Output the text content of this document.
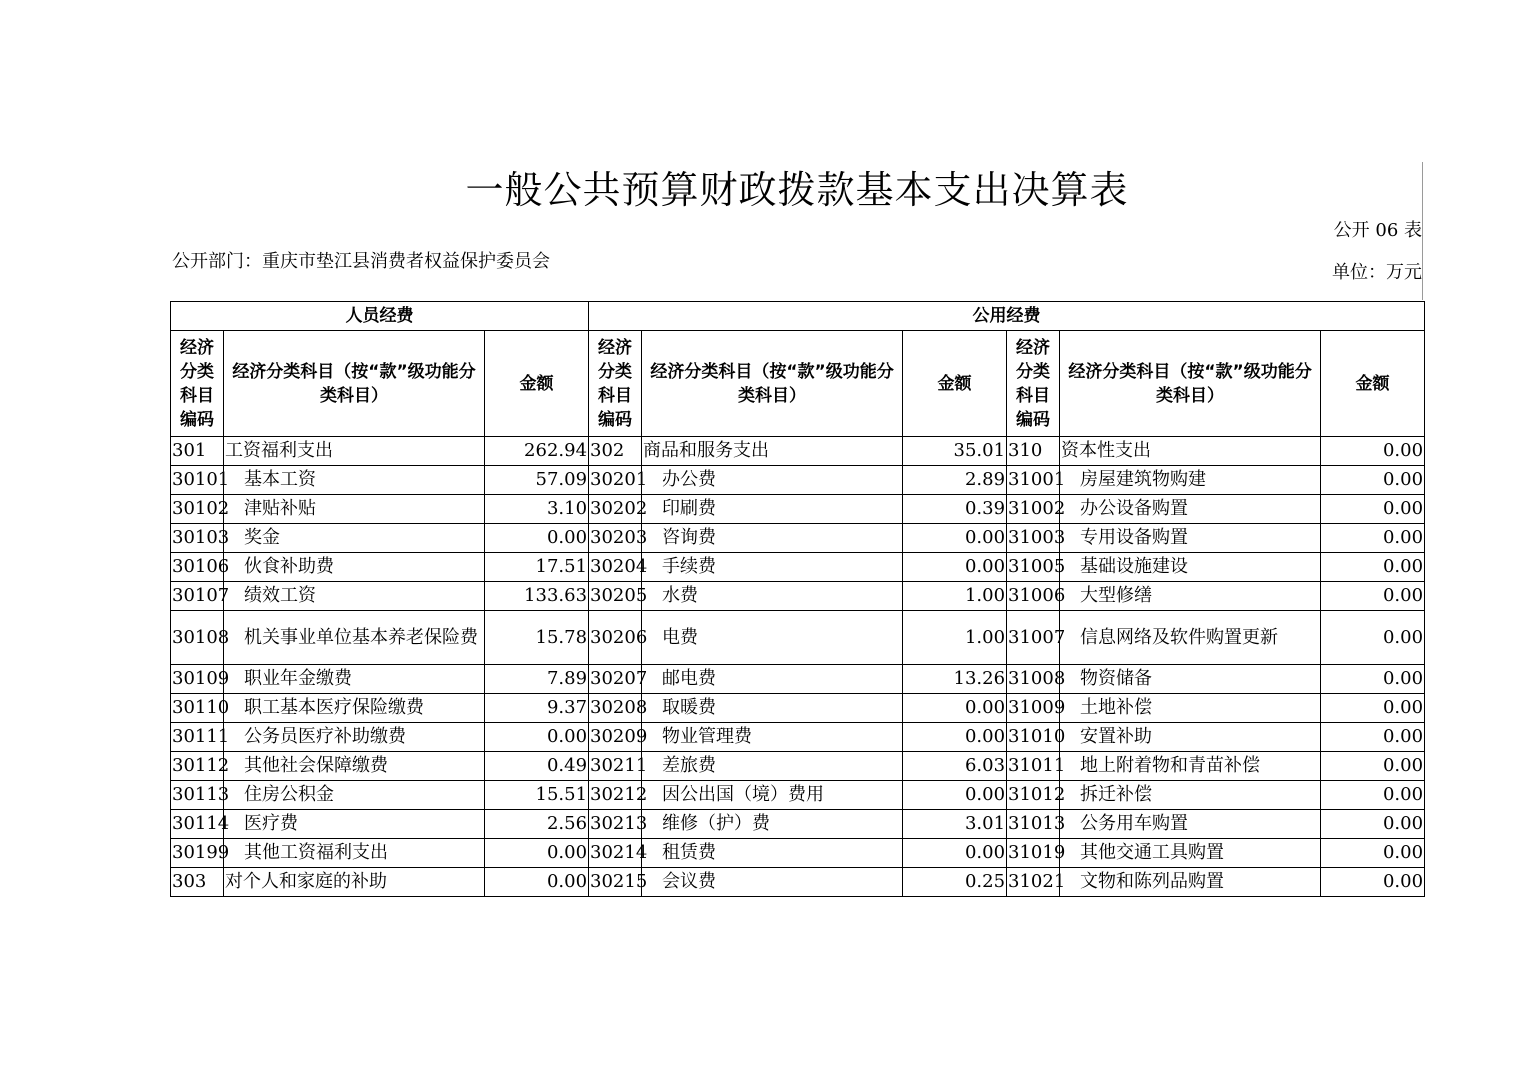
一般公共预算财政拨款基本支出决算表
公开 06 表
公开部门：重庆市垫江县消费者权益保护委员会
单位：万元
人员经费			公用经费					
经济分类科目编码	经济分类科目（按“款”级功能分类科目）	金额	经济分类科目编码	经济分类科目（按“款”级功能分类科目）	金额	经济分类科目编码	经济分类科目（按“款”级功能分类科目）	金额
301	工资福利支出	262.94	302	商品和服务支出	35.01	310	资本性支出	0.00
30101	基本工资	57.09	30201	办公费	2.89	31001	房屋建筑物购建	0.00
30102	津贴补贴	3.10	30202	印刷费	0.39	31002	办公设备购置	0.00
30103	奖金	0.00	30203	咨询费	0.00	31003	专用设备购置	0.00
30106	伙食补助费	17.51	30204	手续费	0.00	31005	基础设施建设	0.00
30107	绩效工资	133.63	30205	水费	1.00	31006	大型修缮	0.00
30108	机关事业单位基本养老保险费	15.78	30206	电费	1.00	31007	信息网络及软件购置更新	0.00
30109	职业年金缴费	7.89	30207	邮电费	13.26	31008	物资储备	0.00
30110	职工基本医疗保险缴费	9.37	30208	取暖费	0.00	31009	土地补偿	0.00
30111	公务员医疗补助缴费	0.00	30209	物业管理费	0.00	31010	安置补助	0.00
30112	其他社会保障缴费	0.49	30211	差旅费	6.03	31011	地上附着物和青苗补偿	0.00
30113	住房公积金	15.51	30212	因公出国（境）费用	0.00	31012	拆迁补偿	0.00
30114	医疗费	2.56	30213	维修（护）费	3.01	31013	公务用车购置	0.00
30199	其他工资福利支出	0.00	30214	租赁费	0.00	31019	其他交通工具购置	0.00
303	对个人和家庭的补助	0.00	30215	会议费	0.25	31021	文物和陈列品购置	0.00
